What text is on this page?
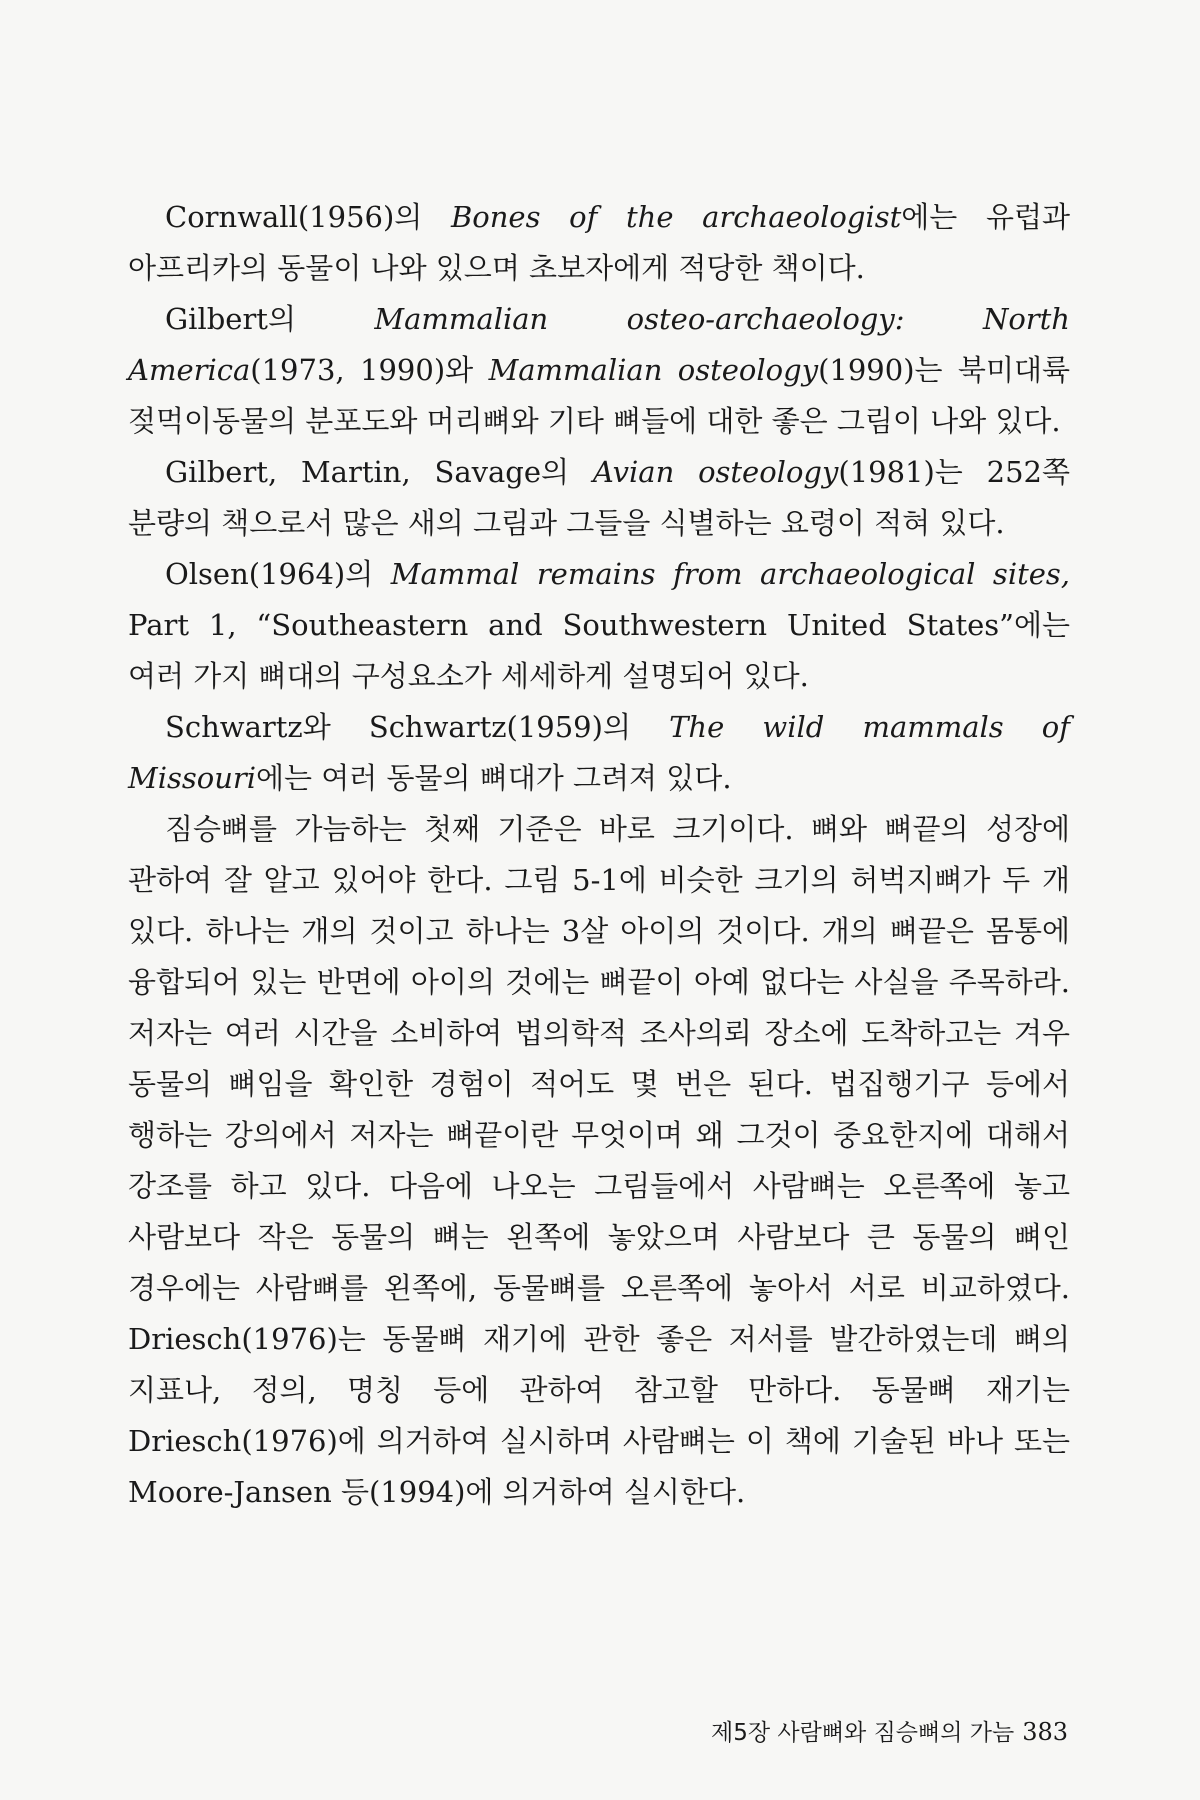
Cornwall(1956)의 Bones of the archaeologist에는 유럽과 아프리카의 동물이 나와 있으며 초보자에게 적당한 책이다.

Gilbert의 Mammalian osteo-archaeology: North America(1973, 1990)와 Mammalian osteology(1990)는 북미대륙 젖먹이동물의 분포도와 머리뼈와 기타 뼈들에 대한 좋은 그림이 나와 있다.

Gilbert, Martin, Savage의 Avian osteology(1981)는 252쪽 분량의 책으로서 많은 새의 그림과 그들을 식별하는 요령이 적혀 있다.

Olsen(1964)의 Mammal remains from archaeological sites, Part 1, “Southeastern and Southwestern United States”에는 여러 가지 뼈대의 구성요소가 세세하게 설명되어 있다.

Schwartz와 Schwartz(1959)의 The wild mammals of Missouri에는 여러 동물의 뼈대가 그려져 있다.

짐승뼈를 가늠하는 첫째 기준은 바로 크기이다. 뼈와 뼈끝의 성장에 관하여 잘 알고 있어야 한다. 그림 5-1에 비슷한 크기의 허벅지뼈가 두 개 있다. 하나는 개의 것이고 하나는 3살 아이의 것이다. 개의 뼈끝은 몸통에 융합되어 있는 반면에 아이의 것에는 뼈끝이 아예 없다는 사실을 주목하라. 저자는 여러 시간을 소비하여 법의학적 조사의뢰 장소에 도착하고는 겨우 동물의 뼈임을 확인한 경험이 적어도 몇 번은 된다. 법집행기구 등에서 행하는 강의에서 저자는 뼈끝이란 무엇이며 왜 그것이 중요한지에 대해서 강조를 하고 있다. 다음에 나오는 그림들에서 사람뼈는 오른쪽에 놓고 사람보다 작은 동물의 뼈는 왼쪽에 놓았으며 사람보다 큰 동물의 뼈인 경우에는 사람뼈를 왼쪽에, 동물뼈를 오른쪽에 놓아서 서로 비교하였다. Driesch(1976)는 동물뼈 재기에 관한 좋은 저서를 발간하였는데 뼈의 지표나, 정의, 명칭 등에 관하여 참고할 만하다. 동물뼈 재기는 Driesch(1976)에 의거하여 실시하며 사람뼈는 이 책에 기술된 바나 또는 Moore-Jansen 등(1994)에 의거하여 실시한다.

제5장 사람뼈와 짐승뼈의 가늠 383
